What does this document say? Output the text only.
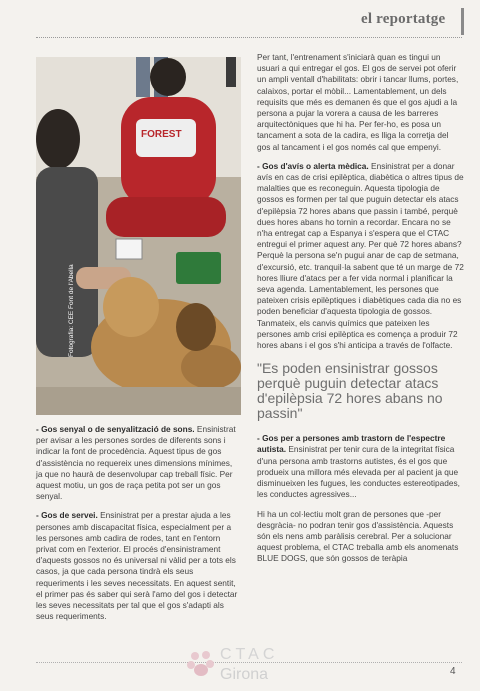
el reportatge
FOREST
Fotografia: CEE Font de l'Abella

- Gos senyal o de senyalització de sons. Ensinistrat per avisar a les persones sordes de diferents sons i indicar la font de procedència. Aquest tipus de gos d'assistència no requereix unes dimensions mínimes, ja que no haurà de desenvolupar cap treball físic. Per aquest motiu, un gos de raça petita pot ser un gos senyal.

- Gos de servei. Ensinistrat per a prestar ajuda a les persones amb discapacitat física, especialment per a les persones amb cadira de rodes, tant en l'entorn privat com en l'exterior. El procés d'ensinistrament d'aquests gossos no és universal ni vàlid per a tots els casos, ja que cada persona tindrà els seus requeriments i les seves necessitats. En aquest sentit, el primer pas és saber qui serà l'amo del gos i detectar les seves necessitats per tal que el gos s'adapti als seus requeriments.

Per tant, l'entrenament s'iniciarà quan es tingui un usuari a qui entregar el gos. El gos de servei pot oferir un ampli ventall d'habilitats: obrir i tancar llums, portes, calaixos, portar el mòbil... Lamentablement, un dels requisits que més es demanen és que el gos ajudi a la persona a pujar la vorera a causa de les barreres arquitectòniques que hi ha. Per fer-ho, es posa un tancament a sota de la cadira, es lliga la corretja del gos al tancament i el gos només cal que empenyi.

- Gos d'avís o alerta mèdica. Ensinistrat per a donar avís en cas de crisi epilèptica, diabètica o altres tipus de malalties que es reconeguin. Aquesta tipologia de gossos es formen per tal que puguin detectar els atacs d'epilèpsia 72 hores abans que passin i també, perquè dues hores abans ho tornin a recordar. Encara no se n'ha entregat cap a Espanya i s'espera que el CTAC entregui el primer aquest any. Per què 72 hores abans? Perquè la persona se'n pugui anar de cap de setmana, d'excursió, etc. tranquil·la sabent que té un marge de 72 hores lliure d'atacs per a fer vida normal i planificar la seva agenda. Lamentablement, les persones que pateixen crisis epilèptiques i diabètiques cada dia no es poden beneficiar d'aquesta tipologia de gossos. Tanmateix, els canvis químics que pateixen les persones amb crisi epilèptica es comença a produir 72 hores abans i el gos s'hi anticipa a través de l'olfacte.

"Es poden ensinistrar gossos perquè puguin detectar atacs d'epilèpsia 72 hores abans no passin"

- Gos per a persones amb trastorn de l'espectre autista. Ensinistrat per tenir cura de la integritat física d'una persona amb trastorns autistes, és el gos que produeix una millora més elevada per al pacient ja que disminueixen les fugues, les conductes estereotipades, les conductes agressives...

Hi ha un col·lectiu molt gran de persones que -per desgràcia- no podran tenir gos d'assistència. Aquests són els nens amb paràlisis cerebral. Per a solucionar aquest problema, el CTAC treballa amb els anomenats BLUE DOGS, que són gossos de teràpia

CTAC
Girona	4
